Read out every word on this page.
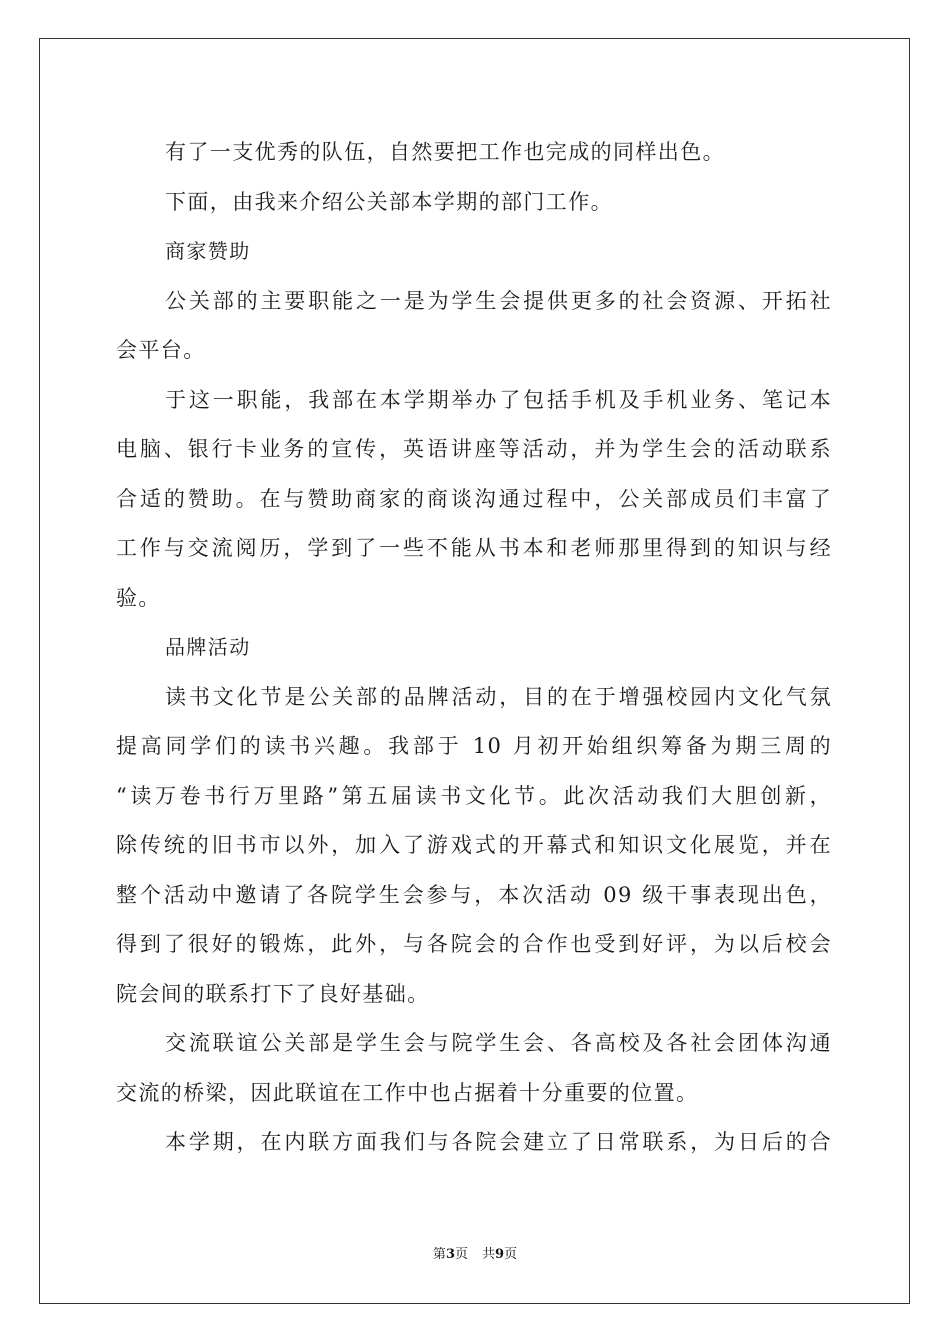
有了一支优秀的队伍，自然要把工作也完成的同样出色。
下面，由我来介绍公关部本学期的部门工作。
商家赞助
公关部的主要职能之一是为学生会提供更多的社会资源、开拓社
会平台。
于这一职能，我部在本学期举办了包括手机及手机业务、笔记本
电脑、银行卡业务的宣传，英语讲座等活动，并为学生会的活动联系
合适的赞助。在与赞助商家的商谈沟通过程中，公关部成员们丰富了
工作与交流阅历，学到了一些不能从书本和老师那里得到的知识与经
验。
品牌活动
读书文化节是公关部的品牌活动，目的在于增强校园内文化气氛
提高同学们的读书兴趣。我部于 10 月初开始组织筹备为期三周的
“读万卷书行万里路”第五届读书文化节。此次活动我们大胆创新，
除传统的旧书市以外，加入了游戏式的开幕式和知识文化展览，并在
整个活动中邀请了各院学生会参与，本次活动 09 级干事表现出色，
得到了很好的锻炼，此外，与各院会的合作也受到好评，为以后校会
院会间的联系打下了良好基础。
交流联谊公关部是学生会与院学生会、各高校及各社会团体沟通
交流的桥梁，因此联谊在工作中也占据着十分重要的位置。
本学期，在内联方面我们与各院会建立了日常联系，为日后的合
第3页 共9页
